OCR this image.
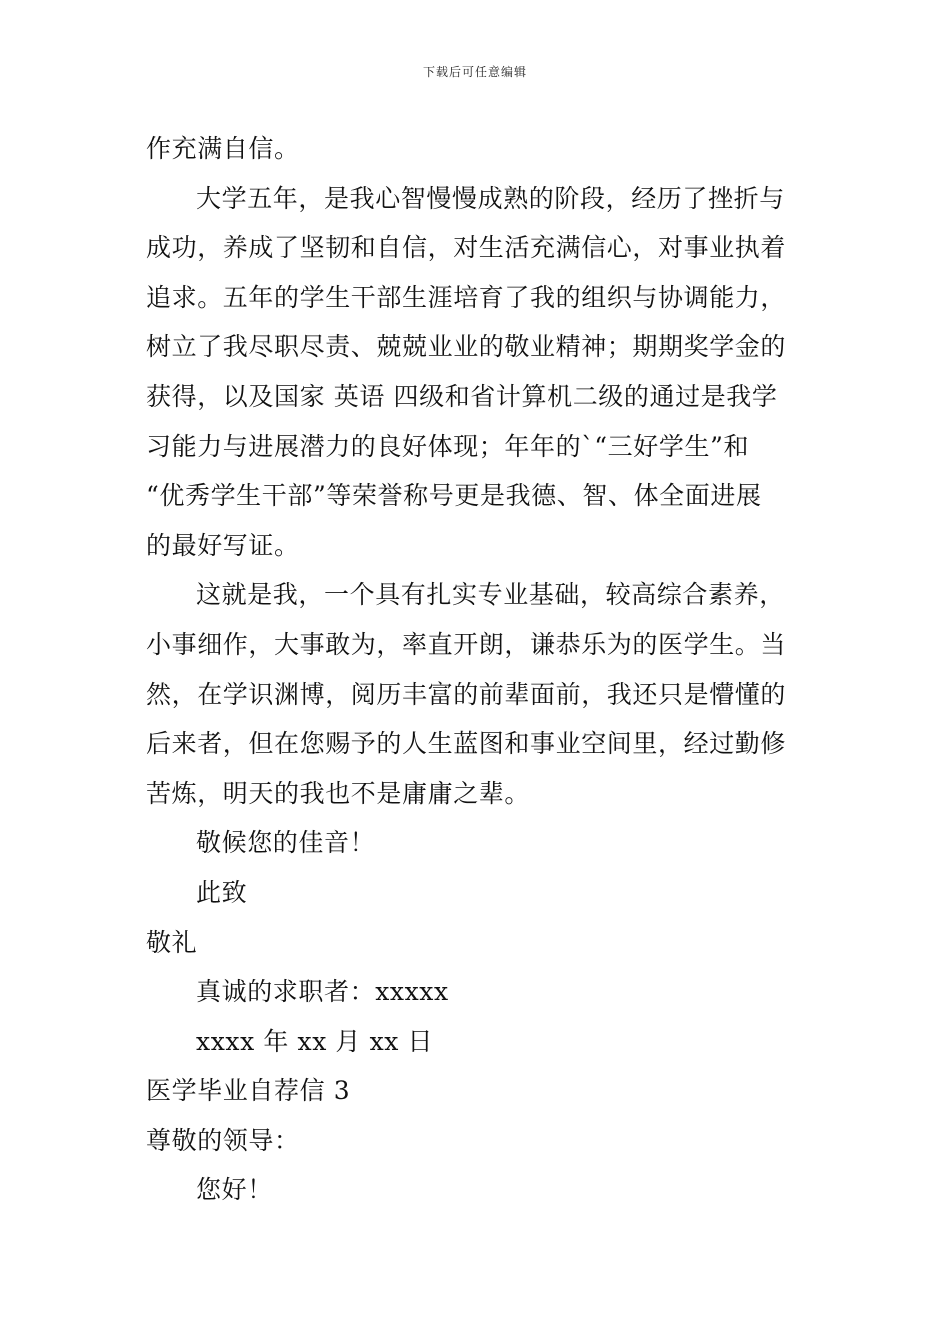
下载后可任意编辑

作充满自信。

大学五年，是我心智慢慢成熟的阶段，经历了挫折与

成功，养成了坚韧和自信，对生活充满信心，对事业执着

追求。五年的学生干部生涯培育了我的组织与协调能力，

树立了我尽职尽责、兢兢业业的敬业精神；期期奖学金的

获得，以及国家 英语 四级和省计算机二级的通过是我学

习能力与进展潜力的良好体现；年年的`“三好学生”和

“优秀学生干部”等荣誉称号更是我德、智、体全面进展

的最好写证。

这就是我，一个具有扎实专业基础，较高综合素养，

小事细作，大事敢为，率直开朗，谦恭乐为的医学生。当

然，在学识渊博，阅历丰富的前辈面前，我还只是懵懂的

后来者，但在您赐予的人生蓝图和事业空间里，经过勤修

苦炼，明天的我也不是庸庸之辈。

敬候您的佳音！

此致

敬礼

真诚的求职者：xxxxx

xxxx 年 xx 月 xx 日

医学毕业自荐信 3

尊敬的领导：

您好！
